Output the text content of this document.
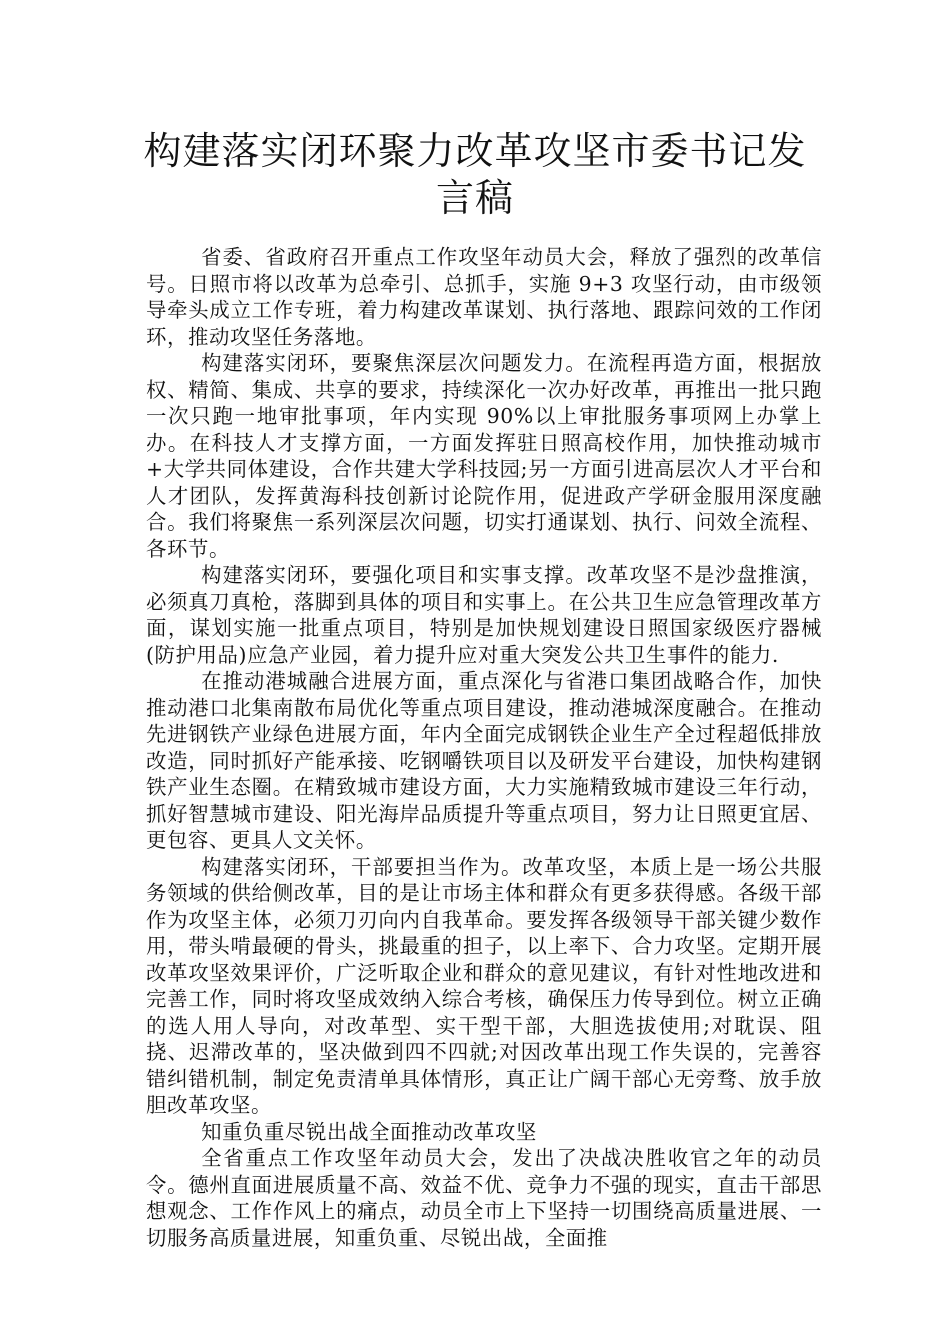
构建落实闭环聚力改革攻坚市委书记发言稿

省委、省政府召开重点工作攻坚年动员大会，释放了强烈的改革信号。日照市将以改革为总牵引、总抓手，实施 9+3 攻坚行动，由市级领导牵头成立工作专班，着力构建改革谋划、执行落地、跟踪问效的工作闭环，推动攻坚任务落地。

构建落实闭环，要聚焦深层次问题发力。在流程再造方面，根据放权、精简、集成、共享的要求，持续深化一次办好改革，再推出一批只跑一次只跑一地审批事项，年内实现 90%以上审批服务事项网上办掌上办。在科技人才支撑方面，一方面发挥驻日照高校作用，加快推动城市+大学共同体建设，合作共建大学科技园;另一方面引进高层次人才平台和人才团队，发挥黄海科技创新讨论院作用，促进政产学研金服用深度融合。我们将聚焦一系列深层次问题，切实打通谋划、执行、问效全流程、各环节。

构建落实闭环，要强化项目和实事支撑。改革攻坚不是沙盘推演，必须真刀真枪，落脚到具体的项目和实事上。在公共卫生应急管理改革方面，谋划实施一批重点项目，特别是加快规划建设日照国家级医疗器械(防护用品)应急产业园，着力提升应对重大突发公共卫生事件的能力.

在推动港城融合进展方面，重点深化与省港口集团战略合作，加快推动港口北集南散布局优化等重点项目建设，推动港城深度融合。在推动先进钢铁产业绿色进展方面，年内全面完成钢铁企业生产全过程超低排放改造，同时抓好产能承接、吃钢嚼铁项目以及研发平台建设，加快构建钢铁产业生态圈。在精致城市建设方面，大力实施精致城市建设三年行动，抓好智慧城市建设、阳光海岸品质提升等重点项目，努力让日照更宜居、更包容、更具人文关怀。

构建落实闭环，干部要担当作为。改革攻坚，本质上是一场公共服务领域的供给侧改革，目的是让市场主体和群众有更多获得感。各级干部作为攻坚主体，必须刀刃向内自我革命。要发挥各级领导干部关键少数作用，带头啃最硬的骨头，挑最重的担子，以上率下、合力攻坚。定期开展改革攻坚效果评价，广泛听取企业和群众的意见建议，有针对性地改进和完善工作，同时将攻坚成效纳入综合考核，确保压力传导到位。树立正确的选人用人导向，对改革型、实干型干部，大胆选拔使用;对耽误、阻挠、迟滞改革的，坚决做到四不四就;对因改革出现工作失误的，完善容错纠错机制，制定免责清单具体情形，真正让广阔干部心无旁骛、放手放胆改革攻坚。

知重负重尽锐出战全面推动改革攻坚

全省重点工作攻坚年动员大会，发出了决战决胜收官之年的动员令。德州直面进展质量不高、效益不优、竞争力不强的现实，直击干部思想观念、工作作风上的痛点，动员全市上下坚持一切围绕高质量进展、一切服务高质量进展，知重负重、尽锐出战，全面推
